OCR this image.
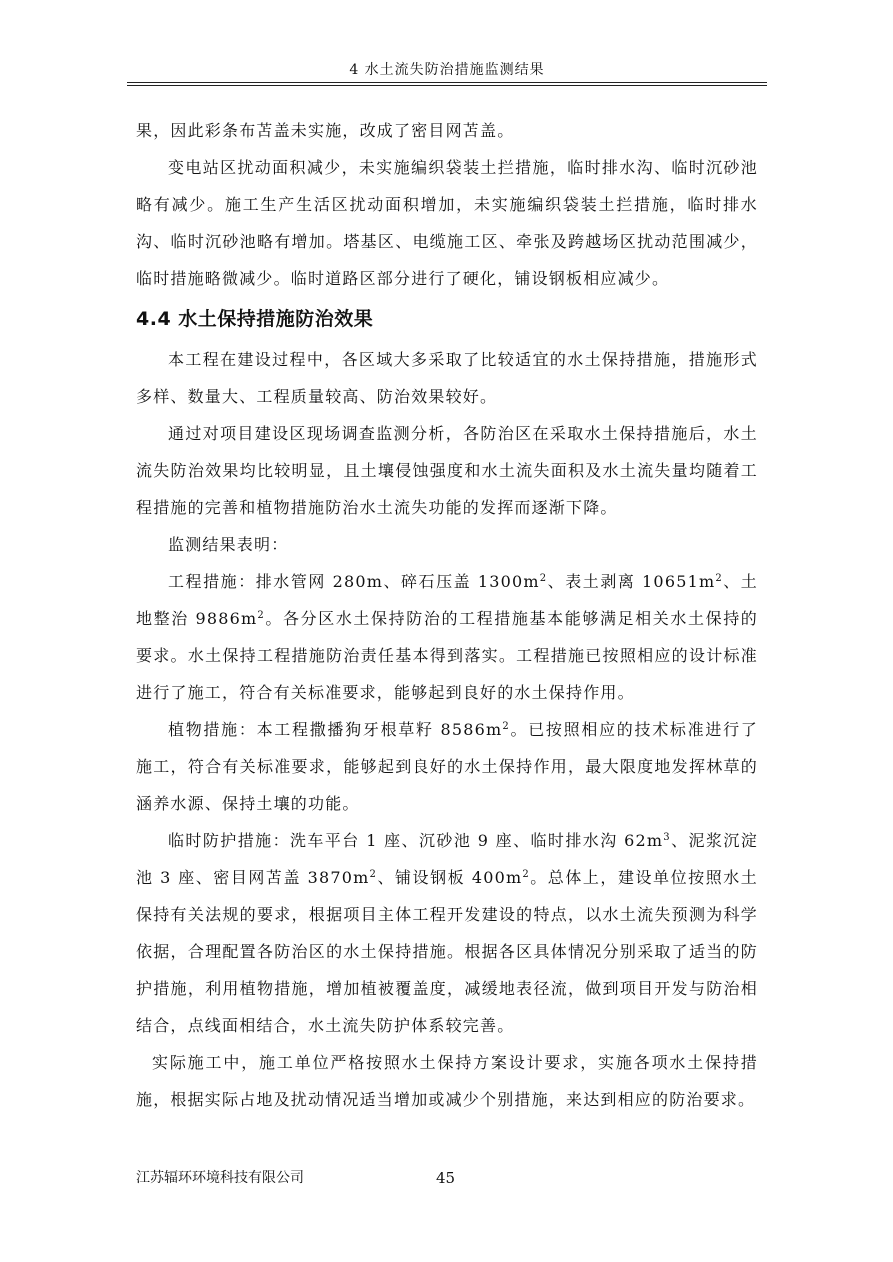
4 水土流失防治措施监测结果

果，因此彩条布苫盖未实施，改成了密目网苫盖。

变电站区扰动面积减少，未实施编织袋装土拦措施，临时排水沟、临时沉砂池略有减少。施工生产生活区扰动面积增加，未实施编织袋装土拦措施，临时排水沟、临时沉砂池略有增加。塔基区、电缆施工区、牵张及跨越场区扰动范围减少，临时措施略微减少。临时道路区部分进行了硬化，铺设钢板相应减少。

4.4 水土保持措施防治效果

本工程在建设过程中，各区域大多采取了比较适宜的水土保持措施，措施形式多样、数量大、工程质量较高、防治效果较好。

通过对项目建设区现场调查监测分析，各防治区在采取水土保持措施后，水土流失防治效果均比较明显，且土壤侵蚀强度和水土流失面积及水土流失量均随着工程措施的完善和植物措施防治水土流失功能的发挥而逐渐下降。

监测结果表明：

工程措施：排水管网 280m、碎石压盖 $1300m^2$、表土剥离 $10651m^2$、土地整治 $9886m^2$。各分区水土保持防治的工程措施基本能够满足相关水土保持的要求。水土保持工程措施防治责任基本得到落实。工程措施已按照相应的设计标准进行了施工，符合有关标准要求，能够起到良好的水土保持作用。

植物措施：本工程撒播狗牙根草籽 $8586m^2$。已按照相应的技术标准进行了施工，符合有关标准要求，能够起到良好的水土保持作用，最大限度地发挥林草的涵养水源、保持土壤的功能。

临时防护措施：洗车平台 1 座、沉砂池 9 座、临时排水沟 $62m^3$、泥浆沉淀池 3 座、密目网苫盖 $3870m^2$、铺设钢板 $400m^2$。总体上，建设单位按照水土保持有关法规的要求，根据项目主体工程开发建设的特点，以水土流失预测为科学依据，合理配置各防治区的水土保持措施。根据各区具体情况分别采取了适当的防护措施，利用植物措施，增加植被覆盖度，减缓地表径流，做到项目开发与防治相结合，点线面相结合，水土流失防护体系较完善。

实际施工中，施工单位严格按照水土保持方案设计要求，实施各项水土保持措施，根据实际占地及扰动情况适当增加或减少个别措施，来达到相应的防治要求。

江苏辐环环境科技有限公司	45
